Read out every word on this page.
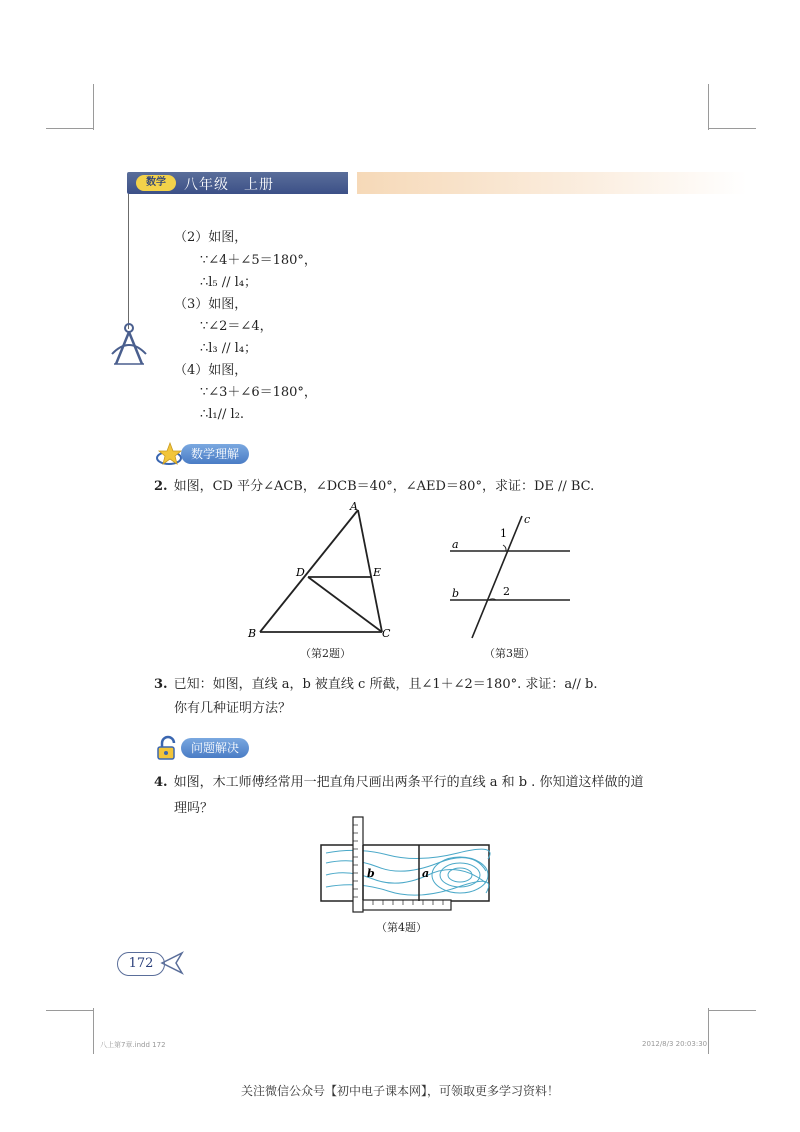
数学	八年级　上册
（2）如图，
∵∠4＋∠5＝180°，
∴l₅ // l₄；
（3）如图，
∵∠2＝∠4，
∴l₃ // l₄；
（4）如图，
∵∠3＋∠6＝180°，
∴l₁// l₂.
数学理解
2. 如图，CD 平分∠ACB，∠DCB＝40°，∠AED＝80°，求证：DE // BC.
A
B	C
D	E
（第2题）
a
b
c
1
2
（第3题）
3. 已知：如图，直线 a，b 被直线 c 所截，且∠1＋∠2＝180°. 求证：a// b.
你有几种证明方法？
问题解决
4. 如图，木工师傅经常用一把直角尺画出两条平行的直线 a 和 b . 你知道这样做的道
理吗？
b	a
（第4题）
172
八上第7章.indd 172	2012/8/3 20:03:30
关注微信公众号【初中电子课本网】，可领取更多学习资料！
